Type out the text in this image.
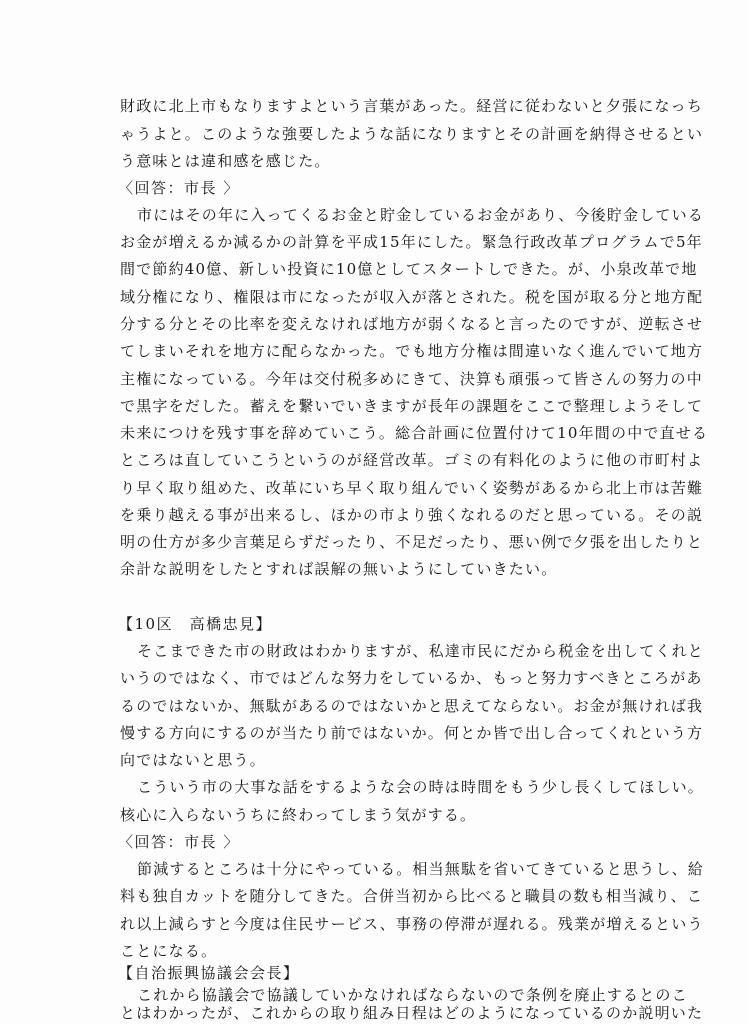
財政に北上市もなりますよという言葉があった。経営に従わないと夕張になっち
ゃうよと。このような強要したような話になりますとその計画を納得させるとい
う意味とは違和感を感じた。
〈回答：市長 〉
市にはその年に入ってくるお金と貯金しているお金があり、今後貯金している
お金が増えるか減るかの計算を平成15年にした。緊急行政改革プログラムで5年
間で節約40億、新しい投資に10億としてスタートしできた。が、小泉改革で地
域分権になり、権限は市になったが収入が落とされた。税を国が取る分と地方配
分する分とその比率を変えなければ地方が弱くなると言ったのですが、逆転させ
てしまいそれを地方に配らなかった。でも地方分権は間違いなく進んでいて地方
主権になっている。今年は交付税多めにきて、決算も頑張って皆さんの努力の中
で黒字をだした。蓄えを繋いでいきますが長年の課題をここで整理しようそして
未来につけを残す事を辞めていこう。総合計画に位置付けて10年間の中で直せる
ところは直していこうというのが経営改革。ゴミの有料化のように他の市町村よ
り早く取り組めた、改革にいち早く取り組んでいく姿勢があるから北上市は苦難
を乗り越える事が出来るし、ほかの市より強くなれるのだと思っている。その説
明の仕方が多少言葉足らずだったり、不足だったり、悪い例で夕張を出したりと
余計な説明をしたとすれば誤解の無いようにしていきたい。
【10区　高橋忠見】
そこまできた市の財政はわかりますが、私達市民にだから税金を出してくれと
いうのではなく、市ではどんな努力をしているか、もっと努力すべきところがあ
るのではないか、無駄があるのではないかと思えてならない。お金が無ければ我
慢する方向にするのが当たり前ではないか。何とか皆で出し合ってくれという方
向ではないと思う。
こういう市の大事な話をするような会の時は時間をもう少し長くしてほしい。
核心に入らないうちに終わってしまう気がする。
〈回答：市長 〉
節減するところは十分にやっている。相当無駄を省いてきていると思うし、給
料も独自カットを随分してきた。合併当初から比べると職員の数も相当減り、こ
れ以上減らすと今度は住民サービス、事務の停滞が遅れる。残業が増えるという
ことになる。
【自治振興協議会会長】
これから協議会で協議していかなければならないので条例を廃止するとのこ
とはわかったが、これからの取り組み日程はどのようになっているのか説明いた
